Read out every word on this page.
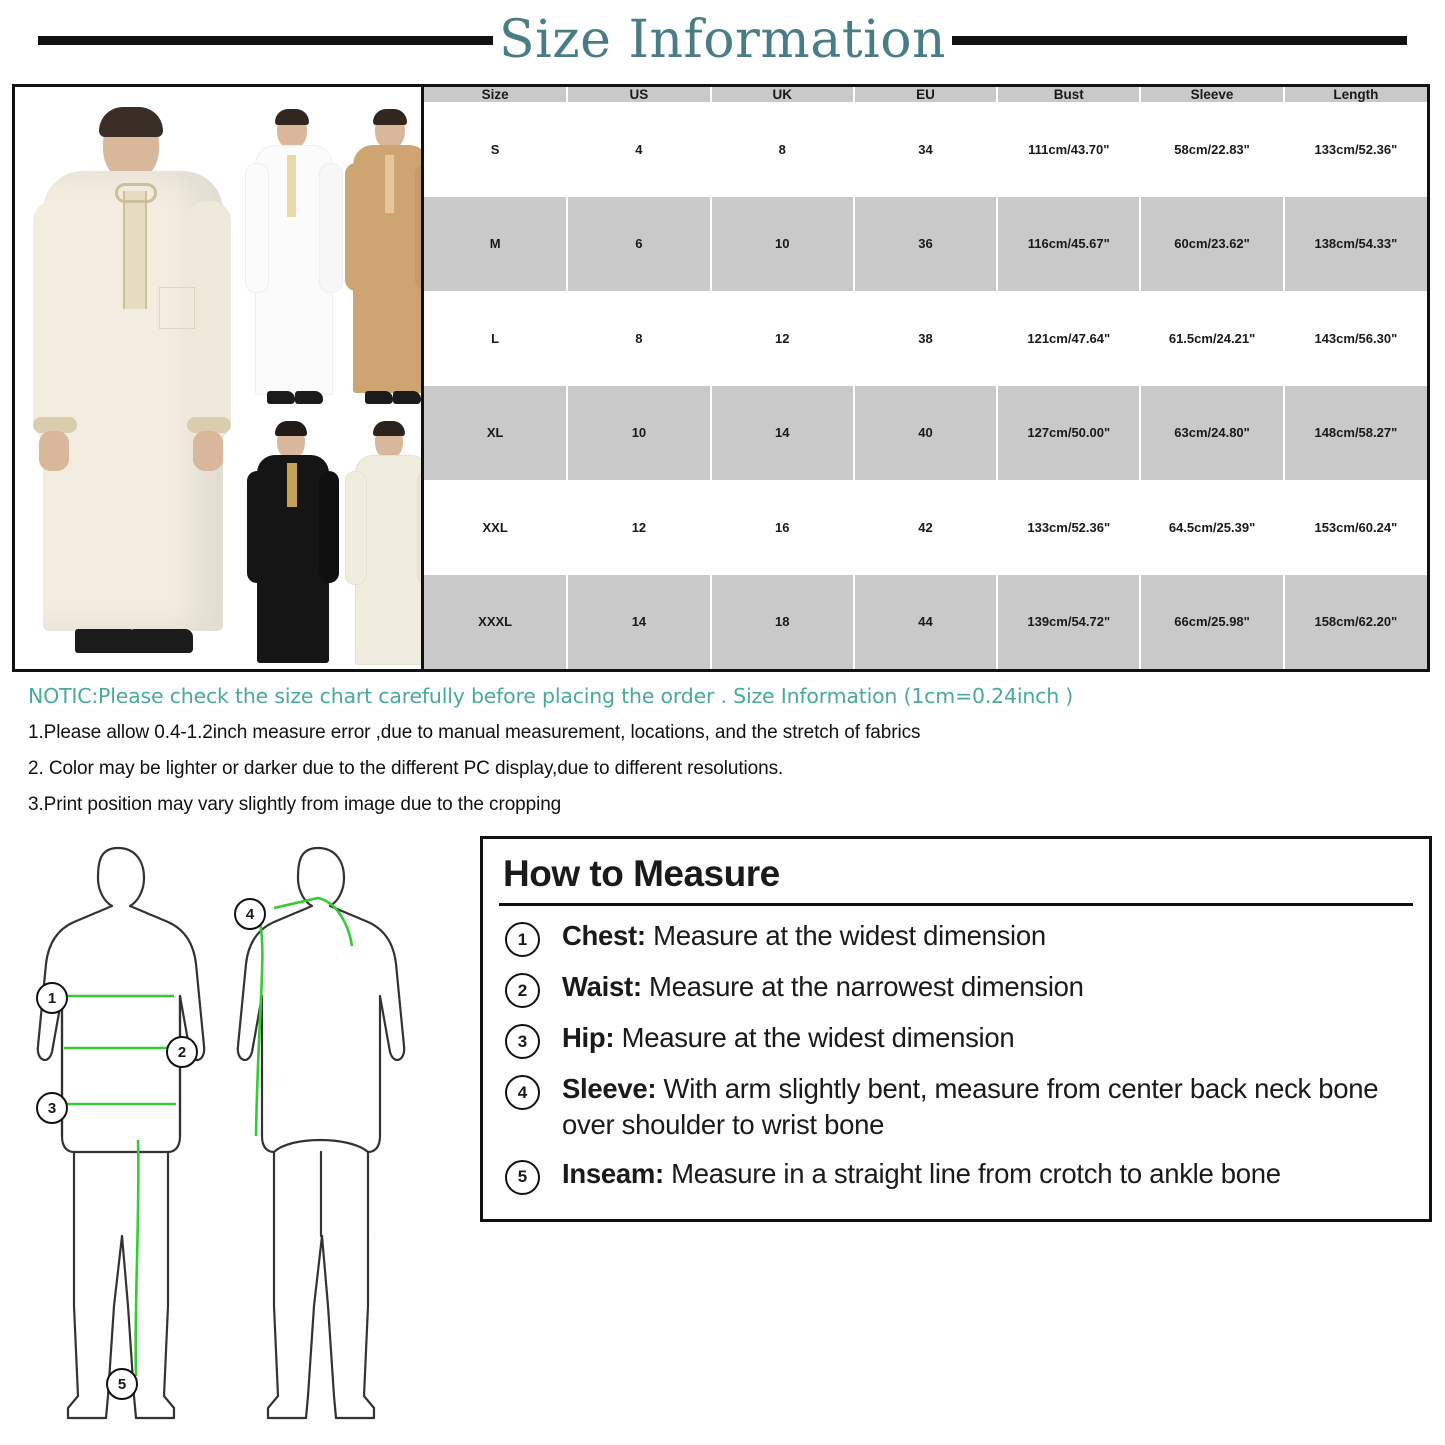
Size Information
Size	US	UK	EU	Bust	Sleeve	Length
S	4	8	34	111cm/43.70"	58cm/22.83"	133cm/52.36"
M	6	10	36	116cm/45.67"	60cm/23.62"	138cm/54.33"
L	8	12	38	121cm/47.64"	61.5cm/24.21"	143cm/56.30"
XL	10	14	40	127cm/50.00"	63cm/24.80"	148cm/58.27"
XXL	12	16	42	133cm/52.36"	64.5cm/25.39"	153cm/60.24"
XXXL	14	18	44	139cm/54.72"	66cm/25.98"	158cm/62.20"
NOTIC:Please check the size chart carefully before placing the order . Size Information (1cm=0.24inch )
1.Please allow 0.4-1.2inch measure error ,due to manual measurement, locations, and the stretch of fabrics
2. Color may be lighter or darker due to the different PC display,due to different resolutions.
3.Print position may vary slightly from image due to the cropping
1
2
3
4
5
How to Measure
1	Chest: Measure at the widest dimension
2	Waist: Measure at the narrowest dimension
3	Hip: Measure at the widest dimension
4	Sleeve: With arm slightly bent, measure from center back neck bone over shoulder to wrist bone
5	Inseam: Measure in a straight line from crotch to ankle bone
